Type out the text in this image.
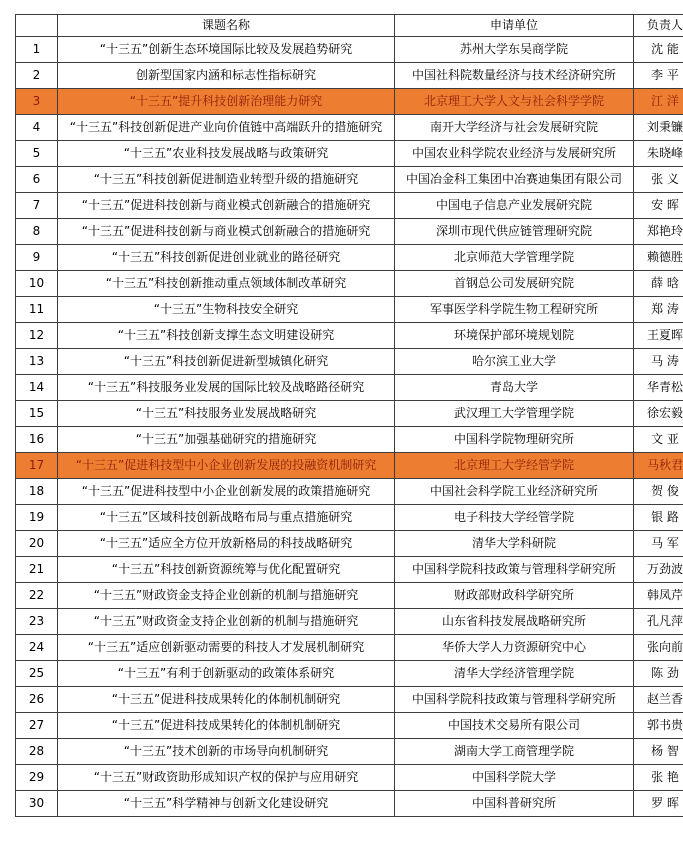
	课题名称	申请单位	负责人
1	“十三五”创新生态环境国际比较及发展趋势研究	苏州大学东吴商学院	沈 能
2	创新型国家内涵和标志性指标研究	中国社科院数量经济与技术经济研究所	李 平
3	“十三五”提升科技创新治理能力研究	北京理工大学人文与社会科学学院	江 洋
4	“十三五”科技创新促进产业向价值链中高端跃升的措施研究	南开大学经济与社会发展研究院	刘秉镰
5	“十三五”农业科技发展战略与政策研究	中国农业科学院农业经济与发展研究所	朱晓峰
6	“十三五”科技创新促进制造业转型升级的措施研究	中国冶金科工集团中冶赛迪集团有限公司	张 义
7	“十三五”促进科技创新与商业模式创新融合的措施研究	中国电子信息产业发展研究院	安 晖
8	“十三五”促进科技创新与商业模式创新融合的措施研究	深圳市现代供应链管理研究院	郑艳玲
9	“十三五”科技创新促进创业就业的路径研究	北京师范大学管理学院	赖德胜
10	“十三五”科技创新推动重点领域体制改革研究	首钢总公司发展研究院	薛 晗
11	“十三五”生物科技安全研究	军事医学科学院生物工程研究所	郑 涛
12	“十三五”科技创新支撑生态文明建设研究	环境保护部环境规划院	王夏晖
13	“十三五”科技创新促进新型城镇化研究	哈尔滨工业大学	马 涛
14	“十三五”科技服务业发展的国际比较及战略路径研究	青岛大学	华青松
15	“十三五”科技服务业发展战略研究	武汉理工大学管理学院	徐宏毅
16	“十三五”加强基础研究的措施研究	中国科学院物理研究所	文 亚
17	“十三五”促进科技型中小企业创新发展的投融资机制研究	北京理工大学经管学院	马秋君
18	“十三五”促进科技型中小企业创新发展的政策措施研究	中国社会科学院工业经济研究所	贺 俊
19	“十三五”区域科技创新战略布局与重点措施研究	电子科技大学经管学院	银 路
20	“十三五”适应全方位开放新格局的科技战略研究	清华大学科研院	马 军
21	“十三五”科技创新资源统筹与优化配置研究	中国科学院科技政策与管理科学研究所	万劲波
22	“十三五”财政资金支持企业创新的机制与措施研究	财政部财政科学研究所	韩凤芹
23	“十三五”财政资金支持企业创新的机制与措施研究	山东省科技发展战略研究所	孔凡萍
24	“十三五”适应创新驱动需要的科技人才发展机制研究	华侨大学人力资源研究中心	张向前
25	“十三五”有利于创新驱动的政策体系研究	清华大学经济管理学院	陈 劲
26	“十三五”促进科技成果转化的体制机制研究	中国科学院科技政策与管理科学研究所	赵兰香
27	“十三五”促进科技成果转化的体制机制研究	中国技术交易所有限公司	郭书贵
28	“十三五”技术创新的市场导向机制研究	湖南大学工商管理学院	杨 智
29	“十三五”财政资助形成知识产权的保护与应用研究	中国科学院大学	张 艳
30	“十三五”科学精神与创新文化建设研究	中国科普研究所	罗 晖
